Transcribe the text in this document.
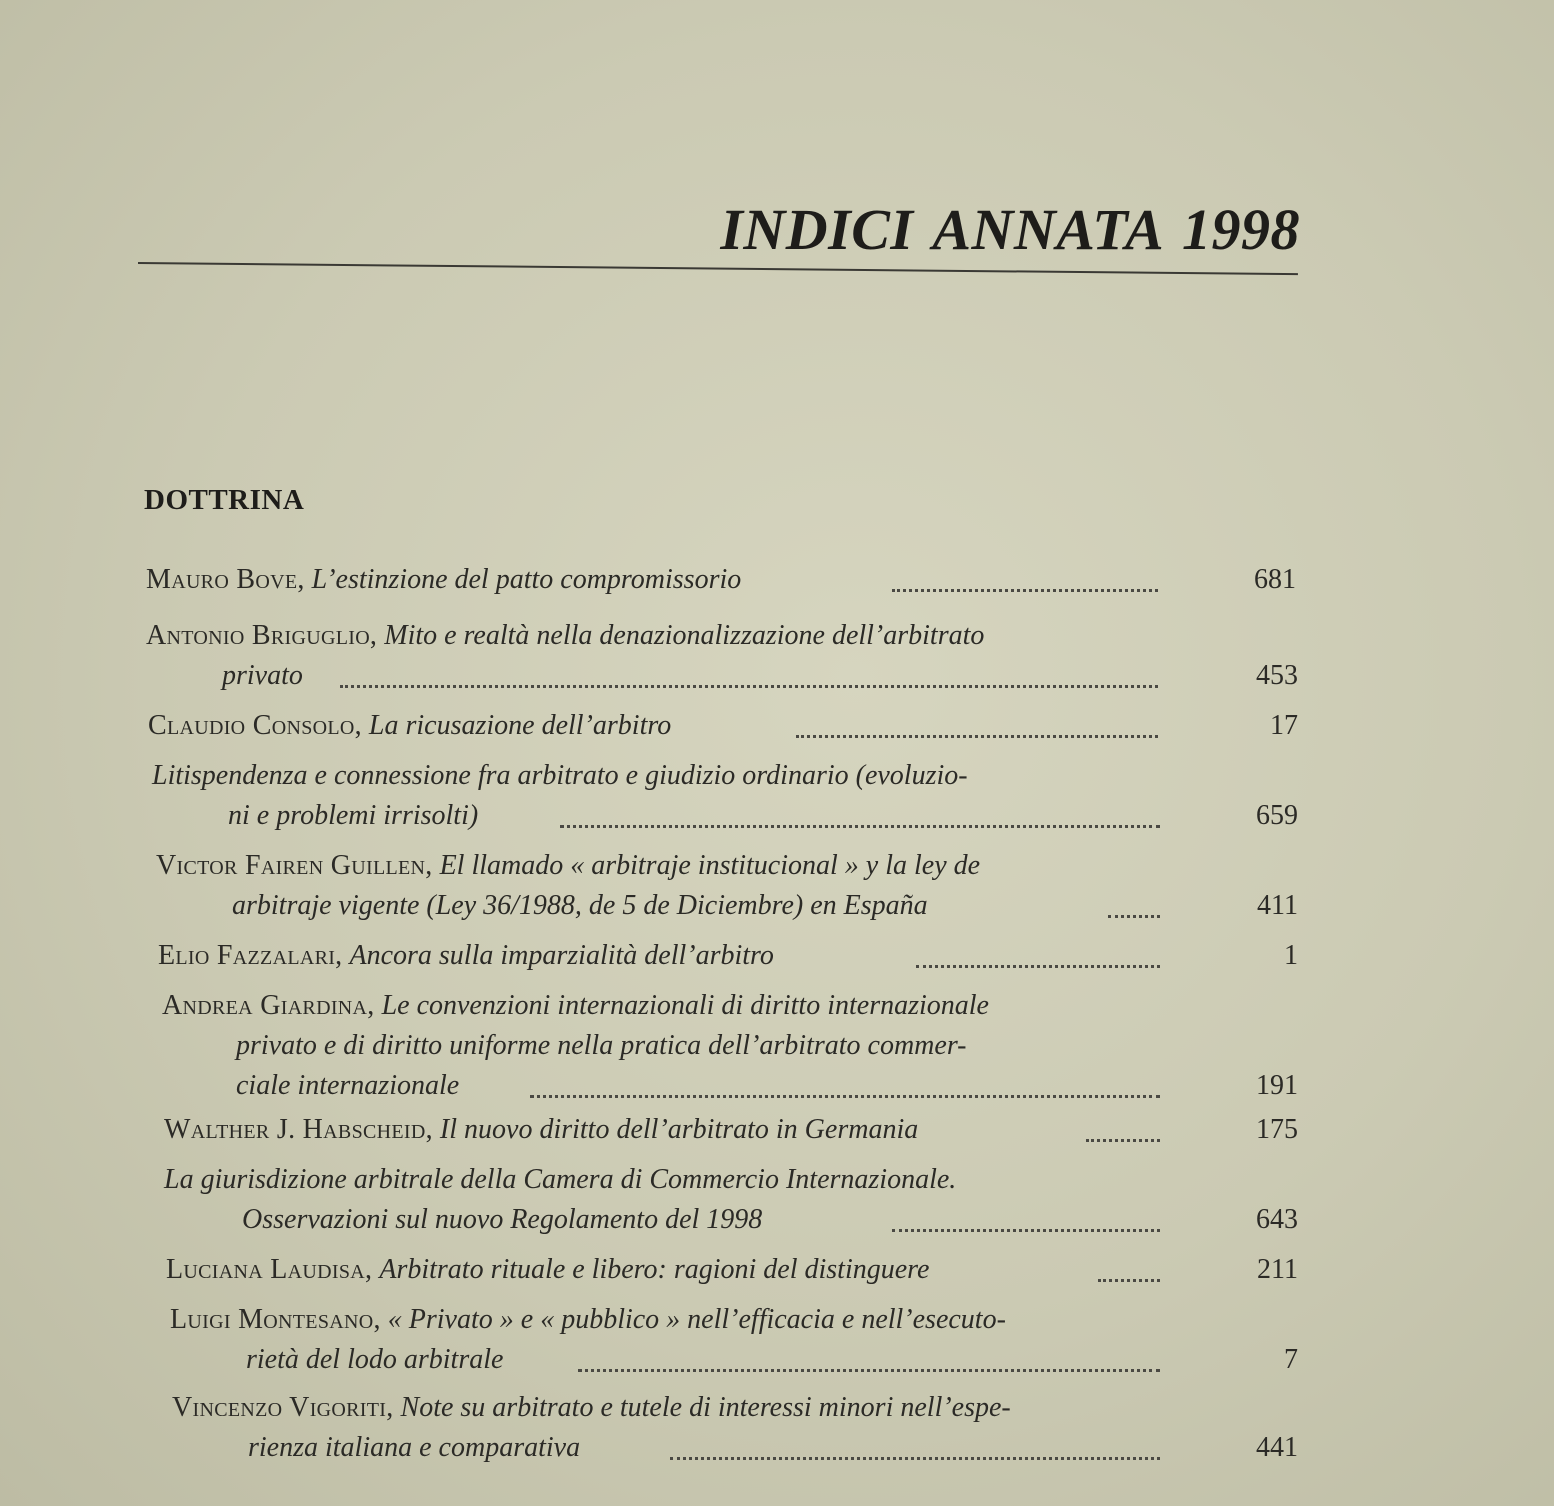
INDICI ANNATA 1998
DOTTRINA
Mauro Bove, L’estinzione del patto compromissorio	681
Antonio Briguglio, Mito e realtà nella denazionalizzazione dell’arbitrato
privato	453
Claudio Consolo, La ricusazione dell’arbitro	17
Litispendenza e connessione fra arbitrato e giudizio ordinario (evoluzio-
ni e problemi irrisolti)	659
Victor Fairen Guillen, El llamado « arbitraje institucional » y la ley de
arbitraje vigente (Ley 36/1988, de 5 de Diciembre) en España	411
Elio Fazzalari, Ancora sulla imparzialità dell’arbitro	1
Andrea Giardina, Le convenzioni internazionali di diritto internazionale
privato e di diritto uniforme nella pratica dell’arbitrato commer-
ciale internazionale	191
Walther J. Habscheid, Il nuovo diritto dell’arbitrato in Germania	175
La giurisdizione arbitrale della Camera di Commercio Internazionale.
Osservazioni sul nuovo Regolamento del 1998	643
Luciana Laudisa, Arbitrato rituale e libero: ragioni del distinguere	211
Luigi Montesano, « Privato » e « pubblico » nell’efficacia e nell’esecuto-
rietà del lodo arbitrale	7
Vincenzo Vigoriti, Note su arbitrato e tutele di interessi minori nell’espe-
rienza italiana e comparativa	441
